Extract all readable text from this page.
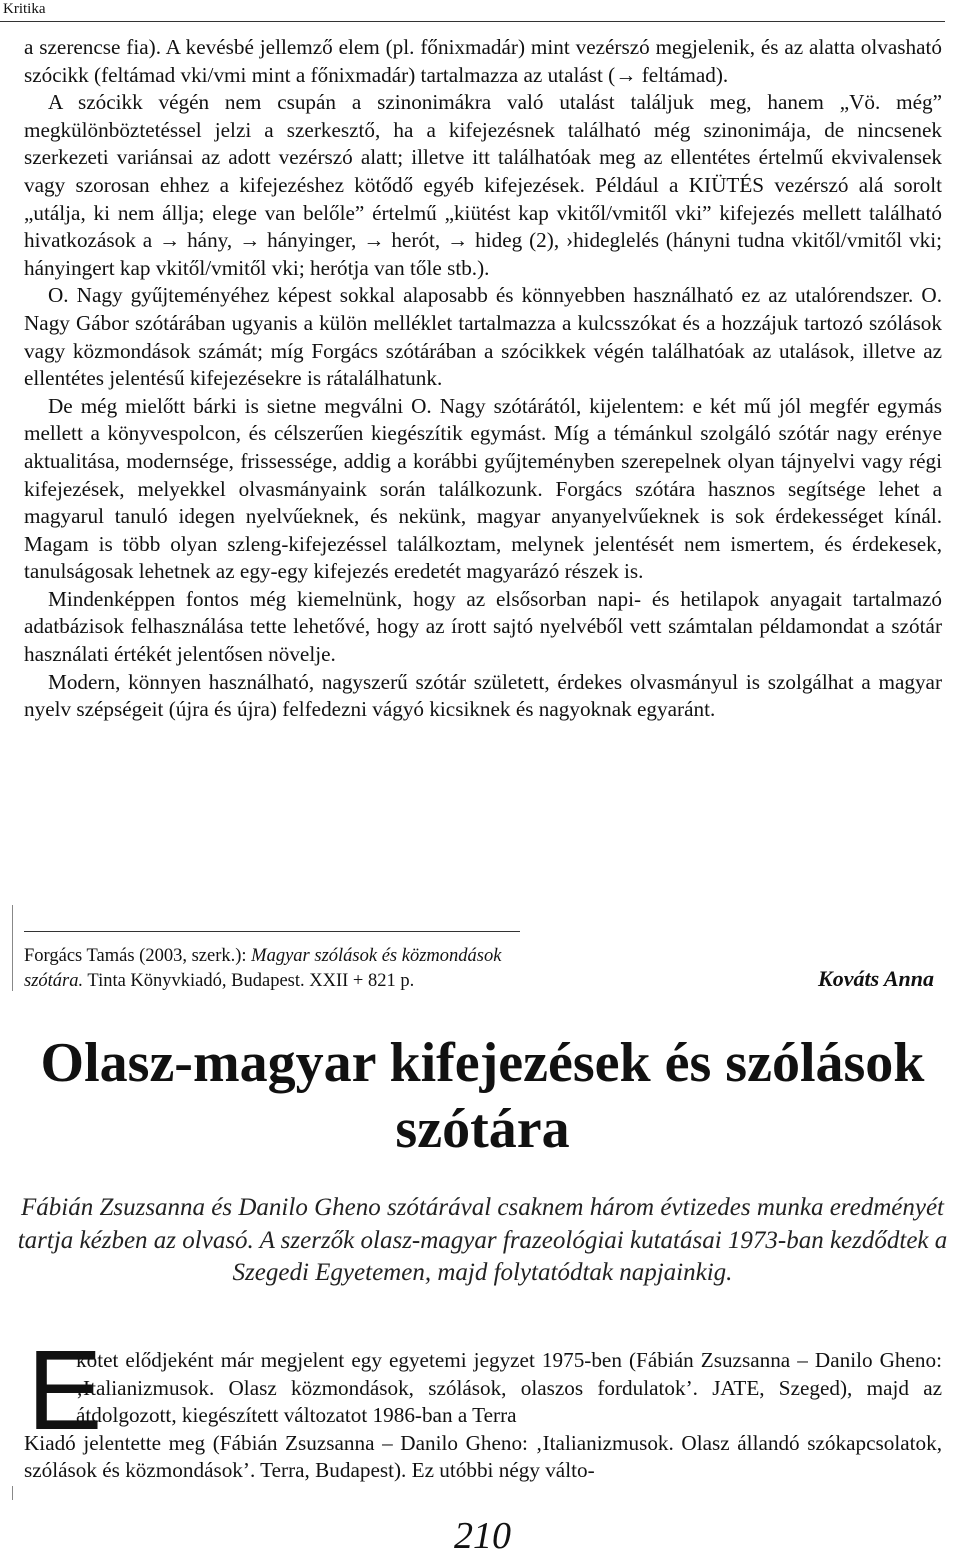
Kritika

a szerencse fia). A kevésbé jellemző elem (pl. főnixmadár) mint vezérszó megjelenik, és az alatta olvasható szócikk (feltámad vki/vmi mint a főnixmadár) tartalmazza az utalást (→ feltámad).

A szócikk végén nem csupán a szinonimákra való utalást találjuk meg, hanem „Vö. még” megkülönböztetéssel jelzi a szerkesztő, ha a kifejezésnek található még szinonimája, de nincsenek szerkezeti variánsai az adott vezérszó alatt; illetve itt találhatóak meg az ellentétes értelmű ekvivalensek vagy szorosan ehhez a kifejezéshez kötődő egyéb kifejezések. Például a KIÜTÉS vezérszó alá sorolt „utálja, ki nem állja; elege van belőle” értelmű „kiütést kap vkitől/vmitől vki” kifejezés mellett található hivatkozások a → hány, → hányinger, → herót, → hideg (2), ›hideglelés (hányni tudna vkitől/vmitől vki; hányingert kap vkitől/vmitől vki; herótja van tőle stb.).

O. Nagy gyűjteményéhez képest sokkal alaposabb és könnyebben használható ez az utalórendszer. O. Nagy Gábor szótárában ugyanis a külön melléklet tartalmazza a kulcsszókat és a hozzájuk tartozó szólások vagy közmondások számát; míg Forgács szótárában a szócikkek végén találhatóak az utalások, illetve az ellentétes jelentésű kifejezésekre is rátalálhatunk.

De még mielőtt bárki is sietne megválni O. Nagy szótárától, kijelentem: e két mű jól megfér egymás mellett a könyvespolcon, és célszerűen kiegészítik egymást. Míg a témánkul szolgáló szótár nagy erénye aktualitása, modernsége, frissessége, addig a korábbi gyűjteményben szerepelnek olyan tájnyelvi vagy régi kifejezések, melyekkel olvasmányaink során találkozunk. Forgács szótára hasznos segítsége lehet a magyarul tanuló idegen nyelvűeknek, és nekünk, magyar anyanyelvűeknek is sok érdekességet kínál. Magam is több olyan szleng-kifejezéssel találkoztam, melynek jelentését nem ismertem, és érdekesek, tanulságosak lehetnek az egy-egy kifejezés eredetét magyarázó részek is.

Mindenképpen fontos még kiemelnünk, hogy az elsősorban napi- és hetilapok anyagait tartalmazó adatbázisok felhasználása tette lehetővé, hogy az írott sajtó nyelvéből vett számtalan példamondat a szótár használati értékét jelentősen növelje.

Modern, könnyen használható, nagyszerű szótár született, érdekes olvasmányul is szolgálhat a magyar nyelv szépségeit (újra és újra) felfedezni vágyó kicsiknek és nagyoknak egyaránt.

Forgács Tamás (2003, szerk.): Magyar szólások és közmondások szótára. Tinta Könyvkiadó, Budapest. XXII + 821 p.	Kováts Anna
Olasz-magyar kifejezések és szólások szótára
Fábián Zsuzsanna és Danilo Gheno szótárával csaknem három évtizedes munka eredményét tartja kézben az olvasó. A szerzők olasz-magyar frazeológiai kutatásai 1973-ban kezdődtek a Szegedi Egyetemen, majd folytatódtak napjainkig.
E
kötet elődjeként már megjelent egy egyetemi jegyzet 1975-ben (Fábián Zsuzsanna – Danilo Gheno: ‚Italianizmusok. Olasz közmondások, szólások, olaszos fordulatok’. JATE, Szeged), majd az átdolgozott, kiegészített változatot 1986-ban a Terra
Kiadó jelentette meg (Fábián Zsuzsanna – Danilo Gheno: ‚Italianizmusok. Olasz állandó szókapcsolatok, szólások és közmondások’. Terra, Budapest). Ez utóbbi négy válto-
210
